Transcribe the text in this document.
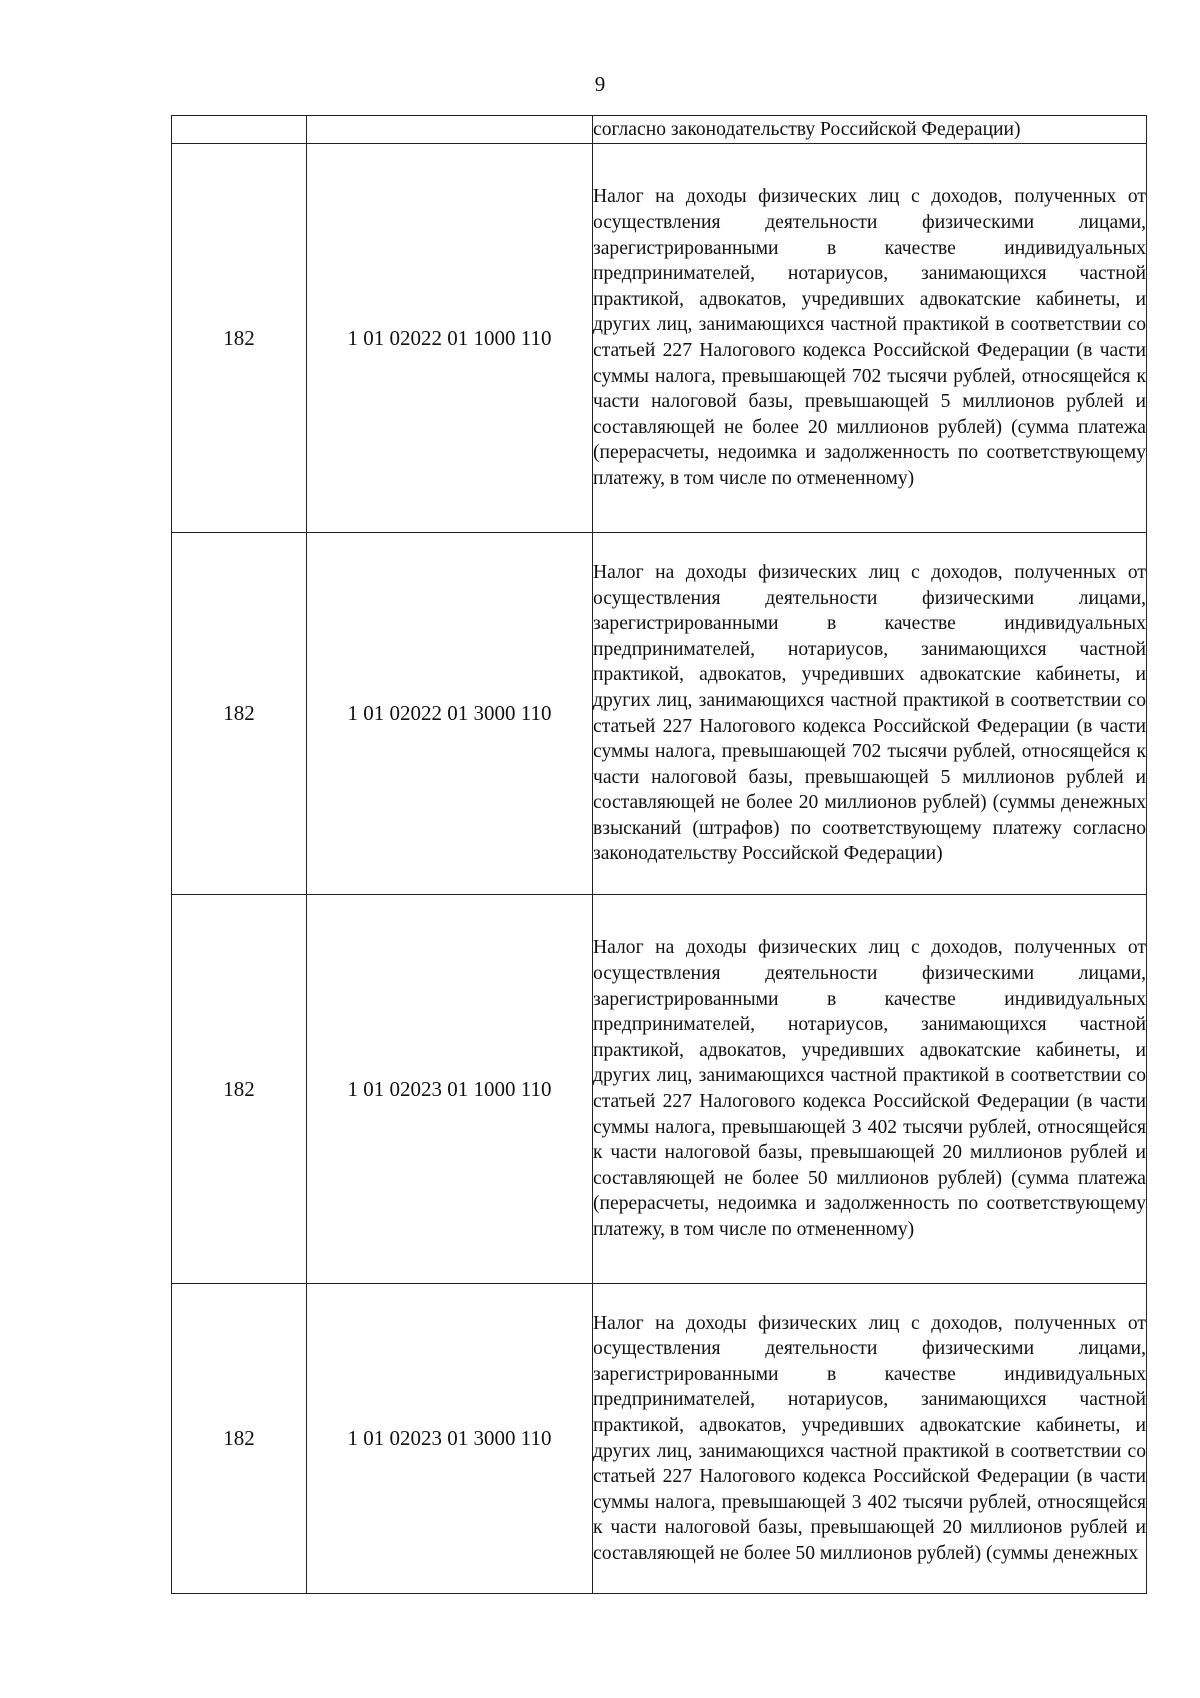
9
		согласно законодательству Российской Федерации)
182	1 01 02022 01 1000 110	Налог на доходы физических лиц с доходов, полученных от осуществления деятельности физическими лицами, зарегистрированными в качестве индивидуальных предпринимателей, нотариусов, занимающихся частной практикой, адвокатов, учредивших адвокатские кабинеты, и других лиц, занимающихся частной практикой в соответствии со статьей 227 Налогового кодекса Российской Федерации (в части суммы налога, превышающей 702 тысячи рублей, относящейся к части налоговой базы, превышающей 5 миллионов рублей и составляющей не более 20 миллионов рублей) (сумма платежа (перерасчеты, недоимка и задолженность по соответствующему платежу, в том числе по отмененному)
182	1 01 02022 01 3000 110	Налог на доходы физических лиц с доходов, полученных от осуществления деятельности физическими лицами, зарегистрированными в качестве индивидуальных предпринимателей, нотариусов, занимающихся частной практикой, адвокатов, учредивших адвокатские кабинеты, и других лиц, занимающихся частной практикой в соответствии со статьей 227 Налогового кодекса Российской Федерации (в части суммы налога, превышающей 702 тысячи рублей, относящейся к части налоговой базы, превышающей 5 миллионов рублей и составляющей не более 20 миллионов рублей) (суммы денежных взысканий (штрафов) по соответствующему платежу согласно законодательству Российской Федерации)
182	1 01 02023 01 1000 110	Налог на доходы физических лиц с доходов, полученных от осуществления деятельности физическими лицами, зарегистрированными в качестве индивидуальных предпринимателей, нотариусов, занимающихся частной практикой, адвокатов, учредивших адвокатские кабинеты, и других лиц, занимающихся частной практикой в соответствии со статьей 227 Налогового кодекса Российской Федерации (в части суммы налога, превышающей 3 402 тысячи рублей, относящейся к части налоговой базы, превышающей 20 миллионов рублей и составляющей не более 50 миллионов рублей) (сумма платежа (перерасчеты, недоимка и задолженность по соответствующему платежу, в том числе по отмененному)
182	1 01 02023 01 3000 110	Налог на доходы физических лиц с доходов, полученных от осуществления деятельности физическими лицами, зарегистрированными в качестве индивидуальных предпринимателей, нотариусов, занимающихся частной практикой, адвокатов, учредивших адвокатские кабинеты, и других лиц, занимающихся частной практикой в соответствии со статьей 227 Налогового кодекса Российской Федерации (в части суммы налога, превышающей 3 402 тысячи рублей, относящейся к части налоговой базы, превышающей 20 миллионов рублей и составляющей не более 50 миллионов рублей) (суммы денежных
